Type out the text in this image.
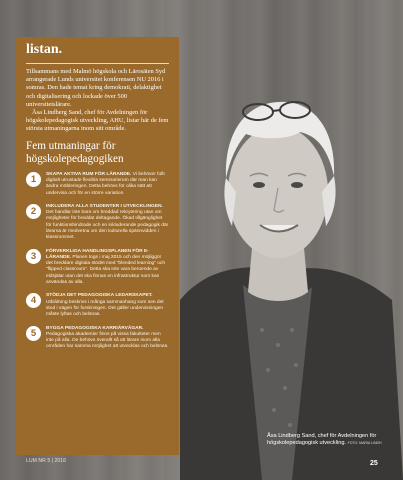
listan.

Tillsammans med Malmö högskola och Lärosäten Syd arrangerade Lunds universitet konferensen NU 2016 i somras. Den hade temat kring demokrati, delaktighet och digitalisering och lockade över 500 universitetslärare.

Åsa Lindberg Sand, chef för Avdelningen för högskolepedagogisk utveckling, AHU, listar här de fem största utmaningarna inom sitt område.

Fem utmaningar för högskolepedagogiken
1	SKAPA AKTIVA RUM FÖR LÄRANDE. Vi behöver fullt digitalt utrustade flexibla seminarierum där man kan ändra möbleringen. Detta behövs för olika sätt att undervisa och för en större variation.
2	INKLUDERA ALLA STUDENTER I UTVECKLINGEN. Det handlar inte bara om breddad rekrytering utan om möjligheter för breddat deltagande. Ökad tillgänglighet för funktionshindrade och en inkluderande pedagogik där lärarna är medvetna om den kulturella spännvidden i klassrummet.
3	FÖRVERKLIGA HANDLINGSPLANEN FÖR E-LÄRANDE. Planen togs i maj 2015 och den möjliggör det breddare digitala stödet med ”blended learning” och ”flipped classroom”. Detta ska inte vara beroende av eldsjälar utan det ska finnas en infrastruktur som kan användas av alla.
4	STÖDJA DET PEDAGOGISKA LEDARSKAPET. Utbildning beskrivs i många sammanhang som sen det stod i vägen för forskningen. Det gäller undervisningen måste lyftas och belönas.
5	BYGGA PEDAGOGISKA KARRIÄRVÄGAR. Pedagogiska akademier finns på vissa fakulteter men inte på alla. De behövs överallt så att lärare inom alla områden har samma möjlighet att utvecklas och belönas.
LUM NR 5 | 2016
Åsa Lindberg Sand, chef för Avdelningen för högskolepedagogisk utveckling. FOTO: MARIA LINDH
25
